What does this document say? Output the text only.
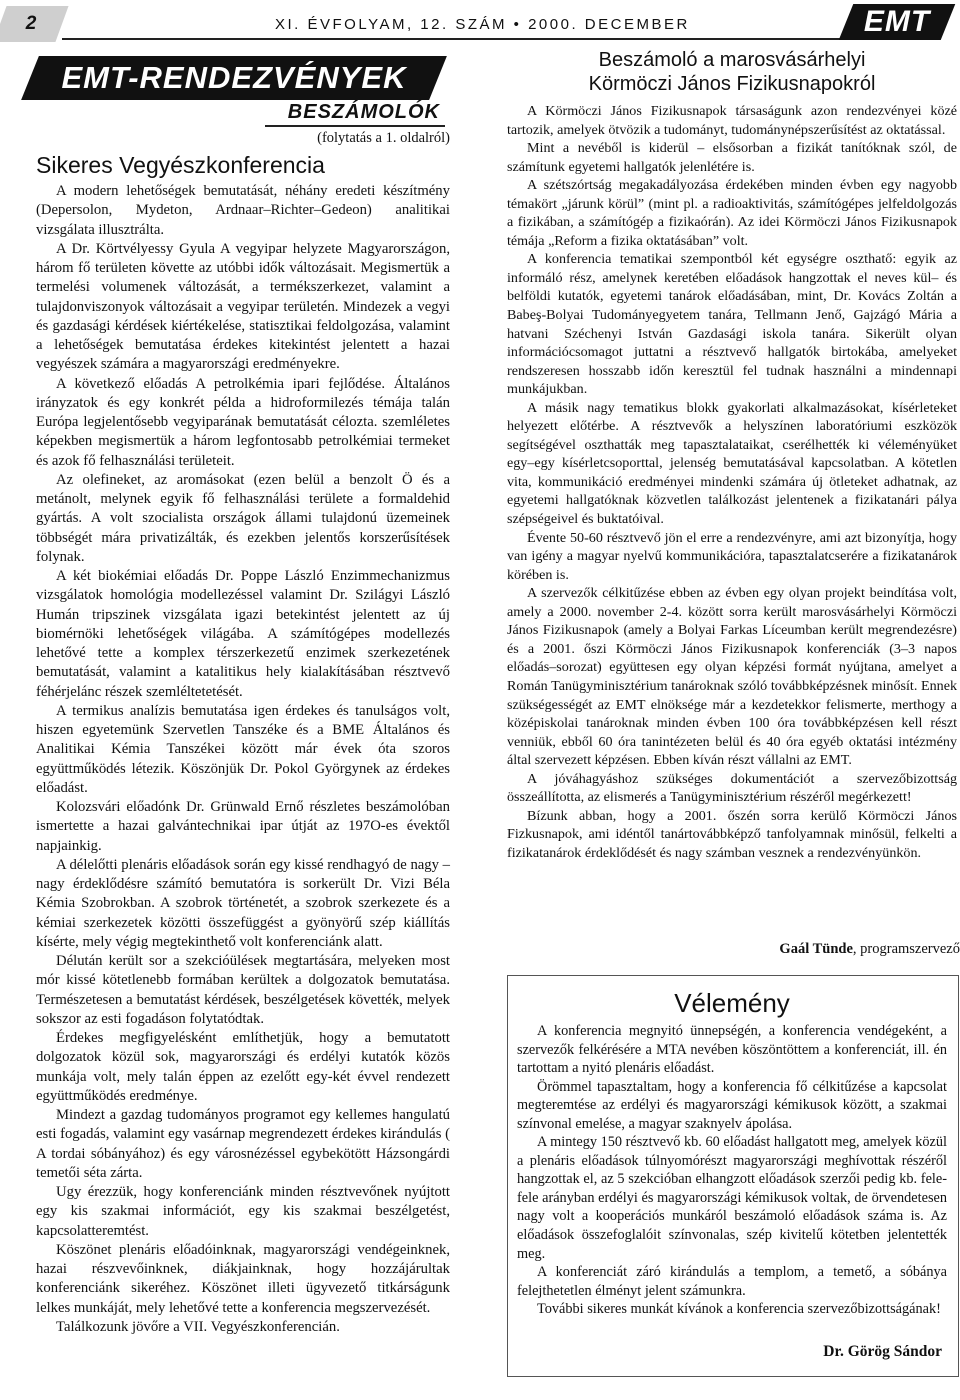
2	XI. ÉVFOLYAM, 12. SZÁM • 2000. DECEMBER	EMT
EMT-RENDEZVÉNYEK
BESZÁMOLÓK
(folytatás a 1. oldalról)
Sikeres Vegyészkonferencia

A modern lehetőségek bemutatását, néhány eredeti készítmény (Depersolon, Mydeton, Ardnaar–Richter–Gedeon) analitikai vizsgálata illusztrálta.

A Dr. Körtvélyessy Gyula A vegyipar helyzete Magyarországon, három fő területen követte az utóbbi idők változásait. Megismertük a termelési volumenek változását, a termékszerkezet, valamint a tulajdonviszonyok változásait a vegyipar területén. Mindezek a vegyi és gazdasági kérdések kiértékelése, statisztikai feldolgozása, valamint a lehetőségek bemutatása érdekes kitekintést jelentett a hazai vegyészek számára a magyarországi eredményekre.

A következő előadás A petrolkémia ipari fejlődése. Általános irányzatok és egy konkrét példa a hidroformilezés témája talán Európa legjelentősebb vegyiparának bemutatását célozta. szemléletes képekben megismertük a három legfontosabb petrolkémiai termeket és azok fő felhasználási területeit.

Az olefineket, az aromásokat (ezen belül a benzolt Ö és a metánolt, melynek egyik fő felhasználási területe a formaldehid gyártás. A volt szocialista országok állami tulajdonú üzemeinek többségét mára privatizálták, és ezekben jelentős korszerűsítések folynak.

A két biokémiai előadás Dr. Poppe László Enzimmechanizmus vizsgálatok homológia modellezéssel valamint Dr. Szilágyi László Humán tripszinek vizsgálata igazi betekintést jelentett az új biomérnöki lehetőségek világába. A számítógépes modellezés lehetővé tette a komplex térszerkezetű enzimek szerkezetének bemutatását, valamint a katalitikus hely kialakításában résztvevő féhérjelánc részek szemléltetetését.

A termikus analízis bemutatása igen érdekes és tanulságos volt, hiszen egyetemünk Szervetlen Tanszéke és a BME Általános és Analitikai Kémia Tanszékei között már évek óta szoros együttműködés létezik. Köszönjük Dr. Pokol Györgynek az érdekes előadást.

Kolozsvári előadónk Dr. Grünwald Ernő részletes beszámolóban ismertette a hazai galvántechnikai ipar útját az 197O-es évektől napjainkig.

A délelőtti plenáris előadások során egy kissé rendhagyó de nagy –nagy érdeklődésre számító bemutatóra is sorkerült Dr. Vizi Béla Kémia Szobrokban. A szobrok történetét, a szobrok szerkezete és a kémiai szerkezetek közötti összefüggést a gyönyörű szép kiállítás kísérte, mely végig megtekinthető volt konferenciánk alatt.

Délután került sor a szekcióülések megtartására, melyeken most mór kissé kötetlenebb formában kerültek a dolgozatok bemutatása. Természetesen a bemutatást kérdések, beszélgetések követték, melyek sokszor az esti fogadáson folytatódtak.

Érdekes megfigyelésként említhetjük, hogy a bemutatott dolgozatok közül sok, magyarországi és erdélyi kutatók közös munkája volt, mely talán éppen az ezelőtt egy-két évvel rendezett együttműködés eredménye.

Mindezt a gazdag tudományos programot egy kellemes hangulatú esti fogadás, valamint egy vasárnap megrendezett érdekes kirándulás ( A tordai sóbányához) és egy városnézéssel egybekötött Házsongárdi temetői séta zárta.

Ugy érezzük, hogy konferenciánk minden résztvevőnek nyújtott egy kis szakmai információt, egy kis szakmai beszélgetést, kapcsolatteremtést.

Köszönet plenáris előadóinknak, magyarországi vendégeinknek, hazai részvevőinknek, diákjainknak, hogy hozzájárultak konferenciánk sikeréhez. Köszönet illeti ügyvezető titkárságunk lelkes munkáját, mely lehetővé tette a konferencia megszervezését.

Találkozunk jövőre a VII. Vegyészkonferencián.

Beszámoló a marosvásárhelyi
Körmöczi János Fizikusnapokról

A Körmöczi János Fizikusnapok társaságunk azon rendezvényei közé tartozik, amelyek ötvözik a tudományt, tudománynépszerűsítést az oktatással.

Mint a nevéből is kiderül – elsősorban a fizikát tanítóknak szól, de számítunk egyetemi hallgatók jelenlétére is.

A szétszórtság megakadályozása érdekében minden évben egy nagyobb témakört „járunk körül” (mint pl. a radioaktivitás, számítógépes jelfeldolgozás a fizikában, a számítógép a fizikaórán). Az idei Körmöczi János Fizikusnapok témája „Reform a fizika oktatásában” volt.

A konferencia tematikai szempontból két egységre oszthatő: egyik az informáló rész, amelynek keretében előadások hangzottak el neves kül– és belföldi kutatók, egyetemi tanárok előadásában, mint, Dr. Kovács Zoltán a Babeş-Bolyai Tudományegyetem tanára, Tellmann Jenő, Gajzágó Mária a hatvani Széchenyi István Gazdasági iskola tanára. Sikerült olyan információcsomagot juttatni a résztvevő hallgatók birtokába, amelyeket rendszeresen hosszabb időn keresztül fel tudnak használni a mindennapi munkájukban.

A másik nagy tematikus blokk gyakorlati alkalmazásokat, kísérleteket helyezett előtérbe. A résztvevők a helyszínen laboratóriumi eszközök segítségével oszthatták meg tapasztalataikat, cserélhették ki véleményüket egy–egy kísérletcsoporttal, jelenség bemutatásával kapcsolatban. A kötetlen vita, kommunikáció eredményei mindenki számára új ötleteket adhatnak, az egyetemi hallgatóknak közvetlen találkozást jelentenek a fizikatanári pálya szépségeivel és buktatóival.

Évente 50-60 résztvevő jön el erre a rendezvényre, ami azt bizonyítja, hogy van igény a magyar nyelvű kommunikációra, tapasztalatcserére a fizikatanárok körében is.

A szervezők célkitűzése ebben az évben egy olyan projekt beindítása volt, amely a 2000. november 2-4. között sorra került marosvásárhelyi Körmöczi János Fizikusnapok (amely a Bolyai Farkas Líceumban került megrendezésre) és a 2001. őszi Körmöczi János Fizikusnapok konferenciák (3–3 napos előadás–sorozat) együttesen egy olyan képzési formát nyújtana, amelyet a Román Tanügyminisztérium tanároknak szóló továbbképzésnek minősít. Ennek szükségességét az EMT elnöksége már a kezdetekkor felismerte, merthogy a középiskolai tanároknak minden évben 100 óra továbbképzésen kell részt venniük, ebből 60 óra tanintézeten belül és 40 óra egyéb oktatási intézmény által szervezett képzésen. Ebben kíván részt vállalni az EMT.

A jóváhagyáshoz szükséges dokumentációt a szervezőbizottság összeállította, az elismerés a Tanügyminisztérium részéről megérkezett!

Bízunk abban, hogy a 2001. őszén sorra kerülő Körmöczi János Fizkusnapok, ami idéntől tanártovábbképző tanfolyamnak minősül, felkelti a fizikatanárok érdeklődését és nagy számban vesznek a rendezvényünkön.

Gaál Tünde, programszervező
Vélemény

A konferencia megnyitó ünnepségén, a konferencia vendégeként, a szervezők felkérésére a MTA nevében köszöntöttem a konferenciát, ill. én tartottam a nyitó plenáris előadást.

Örömmel tapasztaltam, hogy a konferencia fő célkitűzése a kapcsolat megteremtése az erdélyi és magyarországi kémikusok között, a szakmai színvonal emelése, a magyar szaknyelv ápolása.

A mintegy 150 résztvevő kb. 60 előadást hallgatott meg, amelyek közül a plenáris előadások túlnyomórészt magyarországi meghívottak részéről hangzottak el, az 5 szekcióban elhangzott előadások szerzői pedig kb. fele-fele arányban erdélyi és magyarországi kémikusok voltak, de örvendetesen nagy volt a kooperációs munkáról beszámoló előadások száma is. Az előadások összefoglalóit színvonalas, szép kivitelű kötetben jelentették meg.

A konferenciát záró kirándulás a templom, a temető, a sóbánya felejthetetlen élményt jelent számunkra.

További sikeres munkát kívánok a konferencia szervezőbizottságának!

Dr. Görög Sándor
